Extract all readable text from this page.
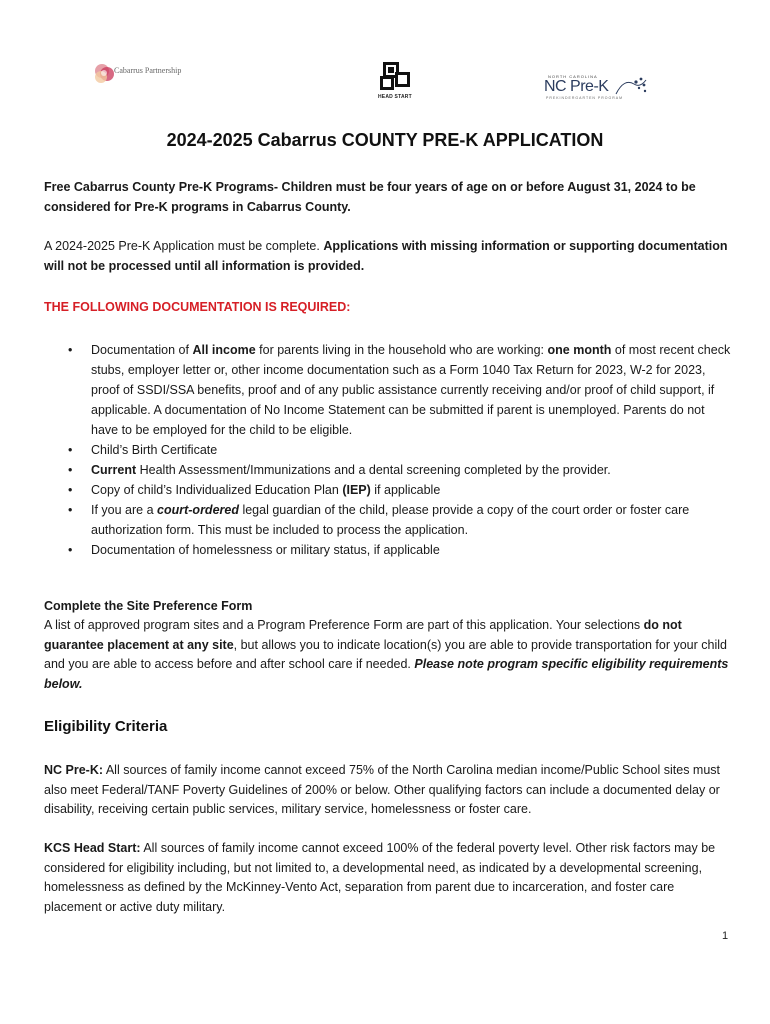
Cabarrus Partnership
HEAD START
NORTH CAROLINA
NC Pre-K
PREKINDERGARTEN PROGRAM
2024-2025 Cabarrus COUNTY PRE-K APPLICATION
Free Cabarrus County Pre-K Programs- Children must be four years of age on or before August 31, 2024 to be considered for Pre-K programs in Cabarrus County.
A 2024-2025 Pre-K Application must be complete. Applications with missing information or supporting documentation will not be processed until all information is provided.
THE FOLLOWING DOCUMENTATION IS REQUIRED:
• Documentation of All income for parents living in the household who are working: one month of most recent check stubs, employer letter or, other income documentation such as a Form 1040 Tax Return for 2023, W-2 for 2023, proof of SSDI/SSA benefits, proof and of any public assistance currently receiving and/or proof of child support, if applicable. A documentation of No Income Statement can be submitted if parent is unemployed. Parents do not have to be employed for the child to be eligible.
• Child’s Birth Certificate
• Current Health Assessment/Immunizations and a dental screening completed by the provider.
• Copy of child’s Individualized Education Plan (IEP) if applicable
• If you are a court-ordered legal guardian of the child, please provide a copy of the court order or foster care authorization form. This must be included to process the application.
• Documentation of homelessness or military status, if applicable
Complete the Site Preference Form
A list of approved program sites and a Program Preference Form are part of this application. Your selections do not guarantee placement at any site, but allows you to indicate location(s) you are able to provide transportation for your child and you are able to access before and after school care if needed. Please note program specific eligibility requirements below.
Eligibility Criteria
NC Pre-K: All sources of family income cannot exceed 75% of the North Carolina median income/Public School sites must also meet Federal/TANF Poverty Guidelines of 200% or below. Other qualifying factors can include a documented delay or disability, receiving certain public services, military service, homelessness or foster care.
KCS Head Start: All sources of family income cannot exceed 100% of the federal poverty level. Other risk factors may be considered for eligibility including, but not limited to, a developmental need, as indicated by a developmental screening, homelessness as defined by the McKinney-Vento Act, separation from parent due to incarceration, and foster care placement or active duty military.
1
